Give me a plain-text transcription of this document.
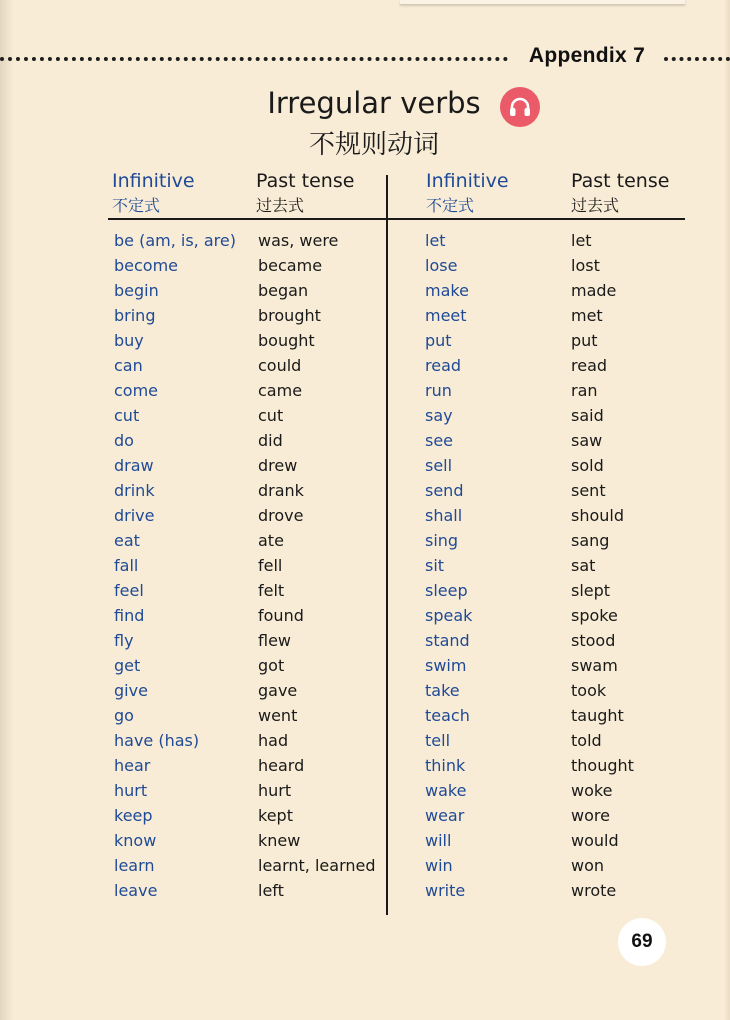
Appendix 7
Irregular verbs
不规则动词
Infinitive
不定式
Past tense
过去式
Infinitive
不定式
Past tense
过去式
be (am, is, are)
become
begin
bring
buy
can
come
cut
do
draw
drink
drive
eat
fall
feel
find
fly
get
give
go
have (has)
hear
hurt
keep
know
learn
leave
was, were
became
began
brought
bought
could
came
cut
did
drew
drank
drove
ate
fell
felt
found
flew
got
gave
went
had
heard
hurt
kept
knew
learnt, learned
left
let
lose
make
meet
put
read
run
say
see
sell
send
shall
sing
sit
sleep
speak
stand
swim
take
teach
tell
think
wake
wear
will
win
write
let
lost
made
met
put
read
ran
said
saw
sold
sent
should
sang
sat
slept
spoke
stood
swam
took
taught
told
thought
woke
wore
would
won
wrote
69
